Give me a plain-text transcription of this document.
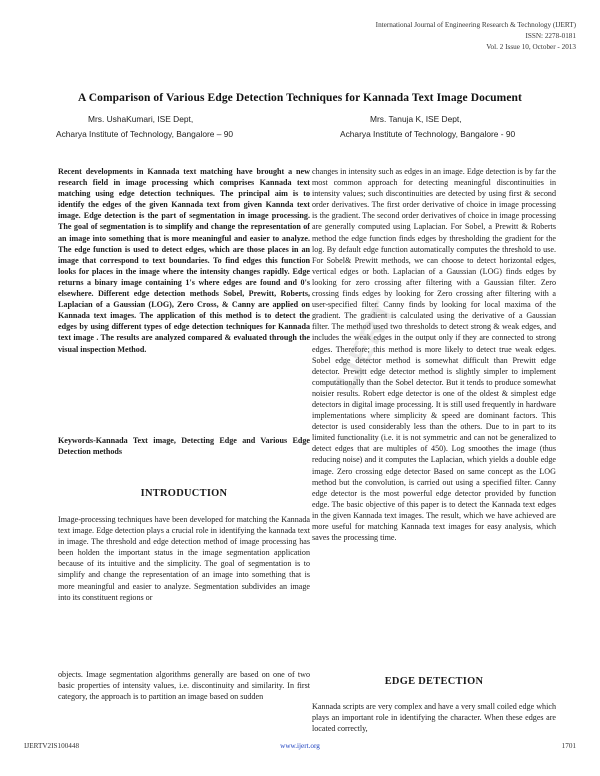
International Journal of Engineering Research & Technology (IJERT)
ISSN: 2278-0181
Vol. 2 Issue 10, October - 2013
A Comparison of Various Edge Detection Techniques for Kannada Text Image Document
Mrs. UshaKumari, ISE Dept,
Acharya Institute of Technology, Bangalore – 90
Mrs. Tanuja K, ISE Dept,
Acharya Institute of Technology, Bangalore - 90
Recent developments in Kannada text matching have brought a new research field in image processing which comprises Kannada text matching using edge detection techniques. The principal aim is to identify the edges of the given Kannada text from given Kannda text image. Edge detection is the part of segmentation in image processing. The goal of segmentation is to simplify and change the representation of an image into something that is more meaningful and easier to analyze. The edge function is used to detect edges, which are those places in an image that correspond to text boundaries. To find edges this function looks for places in the image where the intensity changes rapidly. Edge returns a binary image containing 1's where edges are found and 0's elsewhere. Different edge detection methods Sobel, Prewitt, Roberts, Laplacian of a Gaussian (LOG), Zero Cross, & Canny are applied on Kannada text images. The application of this method is to detect the edges by using different types of edge detection techniques for Kannada text image . The results are analyzed compared & evaluated through the visual inspection Method.
Keywords-Kannada Text image, Detecting Edge and Various Edge Detection methods
INTRODUCTION
Image-processing techniques have been developed for matching the Kannada text image. Edge detection plays a crucial role in identifying the kannada text in image. The threshold and edge detection method of image processing has been holden the important status in the image segmentation application because of its intuitive and the simplicity. The goal of segmentation is to simplify and change the representation of an image into something that is more meaningful and easier to analyze. Segmentation subdivides an image into its constituent regions or
objects. Image segmentation algorithms generally are based on one of two basic properties of intensity values, i.e. discontinuity and similarity. In first category, the approach is to partition an image based on sudden
changes in intensity such as edges in an image. Edge detection is by far the most common approach for detecting meaningful discontinuities in intensity values; such discontinuities are detected by using first & second order derivatives. The first order derivative of choice in image processing is the gradient. The second order derivatives of choice in image processing are generally computed using Laplacian. For Sobel, a Prewitt & Roberts method the edge function finds edges by thresholding the gradient for the log. By default edge function automatically computes the threshold to use. For Sobel& Prewitt methods, we can choose to detect horizontal edges, vertical edges or both. Laplacian of a Gaussian (LOG) finds edges by looking for zero crossing after filtering with a Gaussian filter. Zero crossing finds edges by looking for Zero crossing after filtering with a user-specified filter. Canny finds by looking for local maxima of the gradient. The gradient is calculated using the derivative of a Gaussian filter. The method used two thresholds to detect strong & weak edges, and includes the weak edges in the output only if they are connected to strong edges. Therefore; this method is more likely to detect true weak edges. Sobel edge detector method is somewhat difficult than Prewitt edge detector. Prewitt edge detector method is slightly simpler to implement computationally than the Sobel detector. But it tends to produce somewhat noisier results. Robert edge detector is one of the oldest & simplest edge detectors in digital image processing. It is still used frequently in hardware implementations where simplicity & speed are dominant factors. This detector is used considerably less than the others. Due to in part to its limited functionality (i.e. it is not symmetric and can not be generalized to detect edges that are multiples of 450). Log smoothes the image (thus reducing noise) and it computes the Laplacian, which yields a double edge image. Zero crossing edge detector Based on same concept as the LOG method but the convolution, is carried out using a specified filter. Canny edge detector is the most powerful edge detector provided by function edge. The basic objective of this paper is to detect the Kannada text edges in the given Kannada text images. The result, which we have achieved are more useful for matching Kannada text images for easy analysis, which saves the processing time.
EDGE DETECTION
Kannada scripts are very complex and have a very small coiled edge which plays an important role in identifying the character. When these edges are located correctly,
IJERT
IJERTV2IS100448	www.ijert.org	1701
